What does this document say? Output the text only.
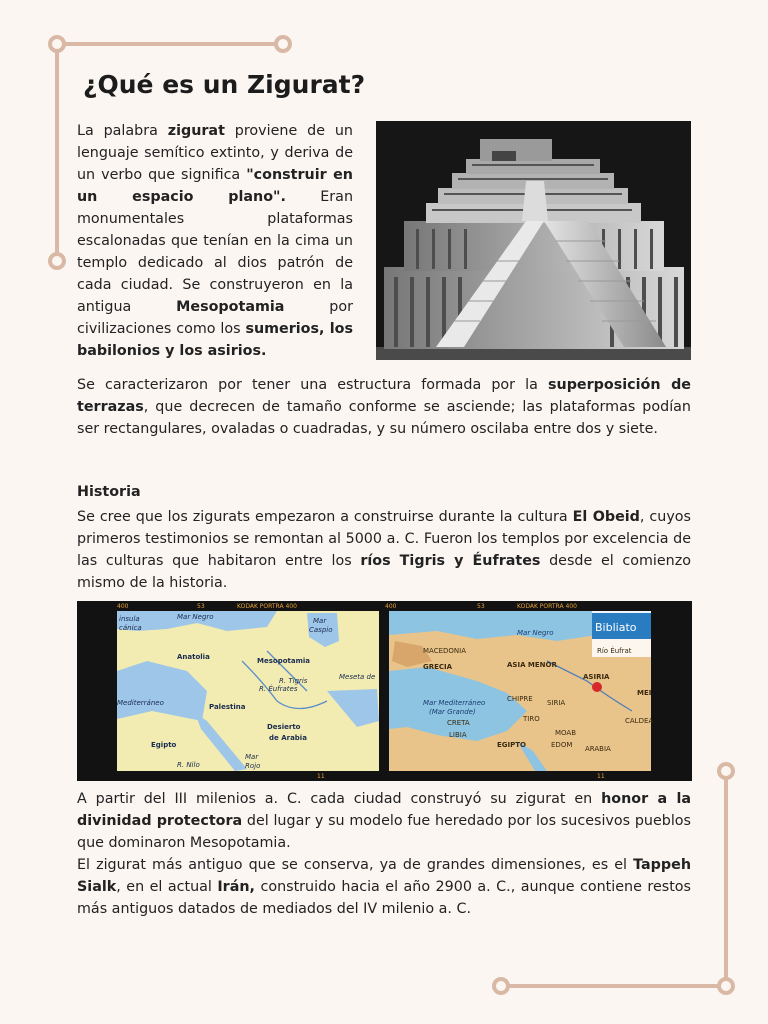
¿Qué es un Zigurat?

La palabra zigurat proviene de un lenguaje semítico extinto, y deriva de un verbo que significa "construir en un espacio plano". Eran monumentales plataformas escalonadas que tenían en la cima un templo dedicado al dios patrón de cada ciudad. Se construyeron en la antigua Mesopotamia por civilizaciones como los sumerios, los babilonios y los asirios.

Se caracterizaron por tener una estructura formada por la superposición de terrazas, que decrecen de tamaño conforme se asciende; las plataformas podían ser rectangulares, ovaladas o cuadradas, y su número oscilaba entre dos y siete.

Historia

Se cree que los zigurats empezaron a construirse durante la cultura El Obeid, cuyos primeros testimonios se remontan al 5000 a. C. Fueron los templos por excelencia de las culturas que habitaron entre los ríos Tigris y Éufrates desde el comienzo mismo de la historia.

400	53	KODAK PORTRA 400	400	53	KODAK PORTRA 400
11	11
insula
cánica
Mar Negro	Mar
Caspio
Anatolia	Mesopotamia
R. Tigris
R. Éufrates
Meseta de
Mediterráneo	Palestina
Desierto
de Arabia
Egipto
Mar
Rojo
R. Nilo
Mar Negro
MACEDONIA
GRECIA	ASIA MENOR
ASIRIA
MEI
Mar Mediterráneo
(Mar Grande)
SIRIA
CHIPRE
CRETA	TIRO
MOAB
EDOM
EGIPTO	ARABIA
CALDEA
LIBIA
Río Éufrat
Bibliato

A partir del III milenios a. C. cada ciudad construyó su zigurat en honor a la divinidad protectora del lugar y su modelo fue heredado por los sucesivos pueblos que dominaron Mesopotamia.
El zigurat más antiguo que se conserva, ya de grandes dimensiones, es el Tappeh Sialk, en el actual Irán, construido hacia el año 2900 a. C., aunque contiene restos más antiguos datados de mediados del IV milenio a. C.
